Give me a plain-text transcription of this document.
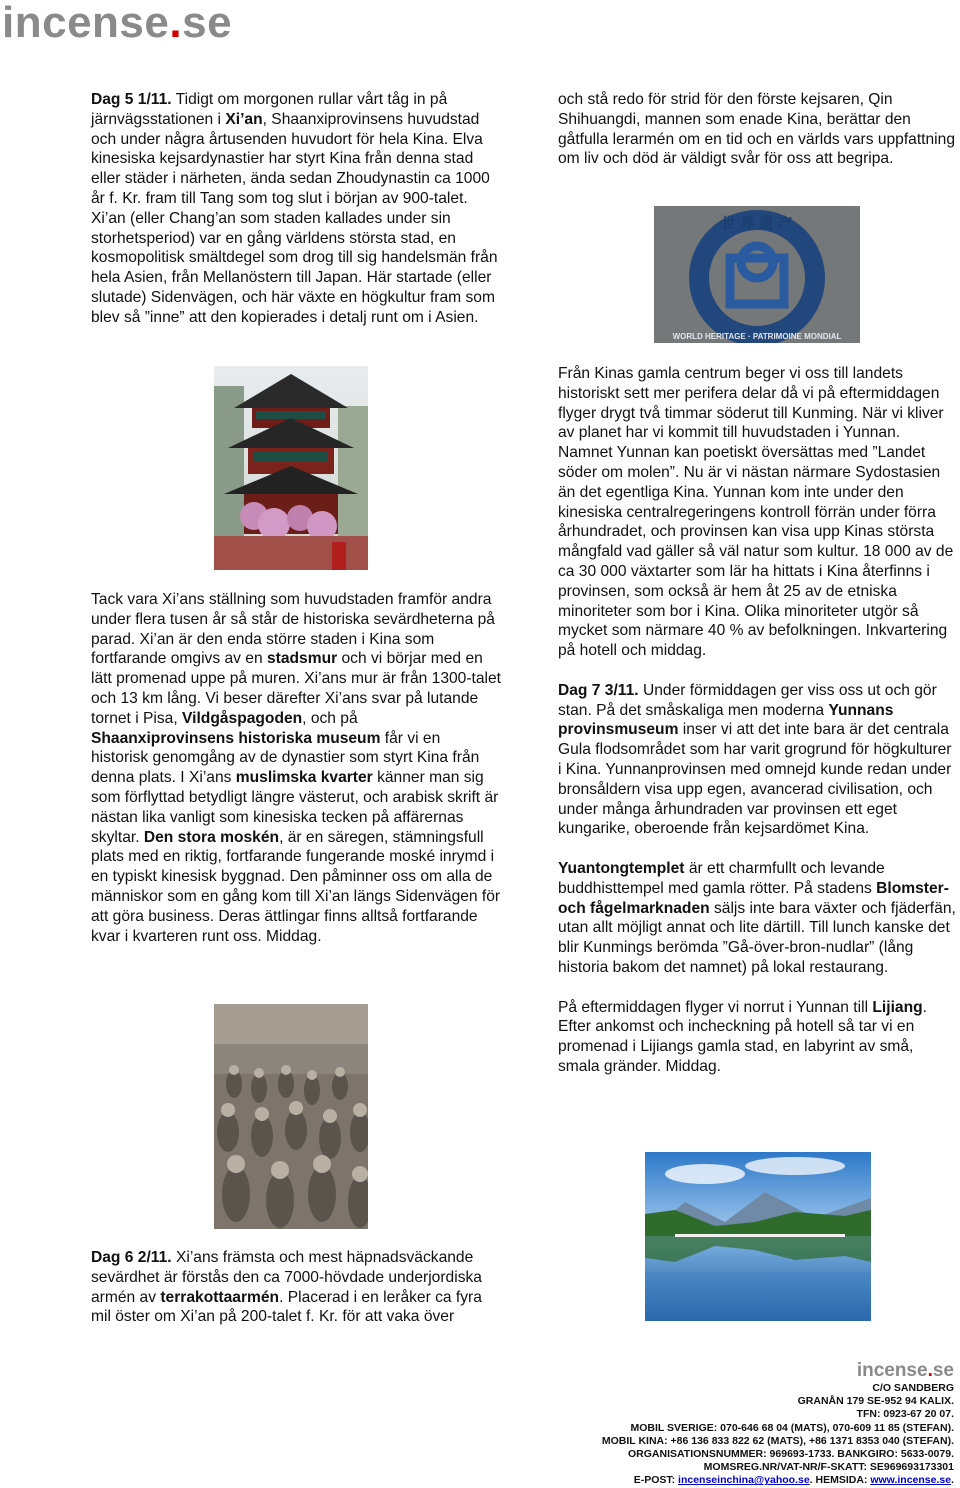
incense.se

Dag 5 1/11. Tidigt om morgonen rullar vårt tåg in på järnvägsstationen i Xi’an, Shaanxiprovinsens huvudstad och under några årtusenden huvudort för hela Kina. Elva kinesiska kejsardynastier har styrt Kina från denna stad eller städer i närheten, ända sedan Zhoudynastin ca 1000 år f. Kr. fram till Tang som tog slut i början av 900-talet. Xi’an (eller Chang’an som staden kallades under sin storhetsperiod) var en gång världens största stad, en kosmopolitisk smältdegel som drog till sig handelsmän från hela Asien, från Mellanöstern till Japan. Här startade (eller slutade) Sidenvägen, och här växte en högkultur fram som blev så ”inne” att den kopierades i detalj runt om i Asien.

Tack vara Xi’ans ställning som huvudstaden framför andra under flera tusen år så står de historiska sevärdheterna på parad. Xi’an är den enda större staden i Kina som fortfarande omgivs av en stadsmur och vi börjar med en lätt promenad uppe på muren. Xi’ans mur är från 1300-talet och 13 km lång. Vi beser därefter Xi’ans svar på lutande tornet i Pisa, Vildgåspagoden, och på Shaanxiprovinsens historiska museum får vi en historisk genomgång av de dynastier som styrt Kina från denna plats. I Xi’ans muslimska kvarter känner man sig som förflyttad betydligt längre västerut, och arabisk skrift är nästan lika vanligt som kinesiska tecken på affärernas skyltar. Den stora moskén, är en säregen, stämningsfull plats med en riktig, fortfarande fungerande moské inrymd i en typiskt kinesisk byggnad. Den påminner oss om alla de människor som en gång kom till Xi’an längs Sidenvägen för att göra business. Deras ättlingar finns alltså fortfarande kvar i kvarteren runt oss. Middag.

Dag 6 2/11. Xi’ans främsta och mest häpnadsväckande sevärdhet är förstås den ca 7000-hövdade underjordiska armén av terrakottaarmén. Placerad i en leråker ca fyra mil öster om Xi’an på 200-talet f. Kr. för att vaka över

och stå redo för strid för den förste kejsaren, Qin Shihuangdi, mannen som enade Kina, berättar den gåtfulla lerarmén om en tid och en världs vars uppfattning om liv och död är väldigt svår för oss att begripa.

世 界 遗 产
WORLD HERITAGE · PATRIMOINE MONDIAL

Från Kinas gamla centrum beger vi oss till landets historiskt sett mer perifera delar då vi på eftermiddagen flyger drygt två timmar söderut till Kunming. När vi kliver av planet har vi kommit till huvudstaden i Yunnan. Namnet Yunnan kan poetiskt översättas med ”Landet söder om molen”. Nu är vi nästan närmare Sydostasien än det egentliga Kina. Yunnan kom inte under den kinesiska centralregeringens kontroll förrän under förra århundradet, och provinsen kan visa upp Kinas största mångfald vad gäller så väl natur som kultur. 18 000 av de ca 30 000 växtarter som lär ha hittats i Kina återfinns i provinsen, som också är hem åt 25 av de etniska minoriteter som bor i Kina. Olika minoriteter utgör så mycket som närmare 40 % av befolkningen. Inkvartering på hotell och middag.

Dag 7 3/11. Under förmiddagen ger viss oss ut och gör stan. På det småskaliga men moderna Yunnans provinsmuseum inser vi att det inte bara är det centrala Gula flodsområdet som har varit grogrund för högkulturer i Kina. Yunnanprovinsen med omnejd kunde redan under bronsåldern visa upp egen, avancerad civilisation, och under många århundraden var provinsen ett eget kungarike, oberoende från kejsardömet Kina.

Yuantongtemplet är ett charmfullt och levande buddhisttempel med gamla rötter. På stadens Blomster- och fågelmarknaden säljs inte bara växter och fjäderfän, utan allt möjligt annat och lite därtill. Till lunch kanske det blir Kunmings berömda ”Gå-över-bron-nudlar” (lång historia bakom det namnet) på lokal restaurang.

På eftermiddagen flyger vi norrut i Yunnan till Lijiang. Efter ankomst och incheckning på hotell så tar vi en promenad i Lijiangs gamla stad, en labyrint av små, smala gränder. Middag.

incense.se
C/O SANDBERG
GRANÅN 179 SE-952 94 KALIX.
TFN: 0923-67 20 07.
MOBIL SVERIGE: 070-646 68 04 (MATS), 070-609 11 85 (STEFAN).
MOBIL KINA: +86 136 833 822 62 (MATS), +86 1371 8353 040 (STEFAN).
ORGANISATIONSNUMMER: 969693-1733. BANKGIRO: 5633-0079.
MOMSREG.NR/VAT-NR/F-SKATT: SE969693173301
E-POST: incenseinchina@yahoo.se. HEMSIDA: www.incense.se.
